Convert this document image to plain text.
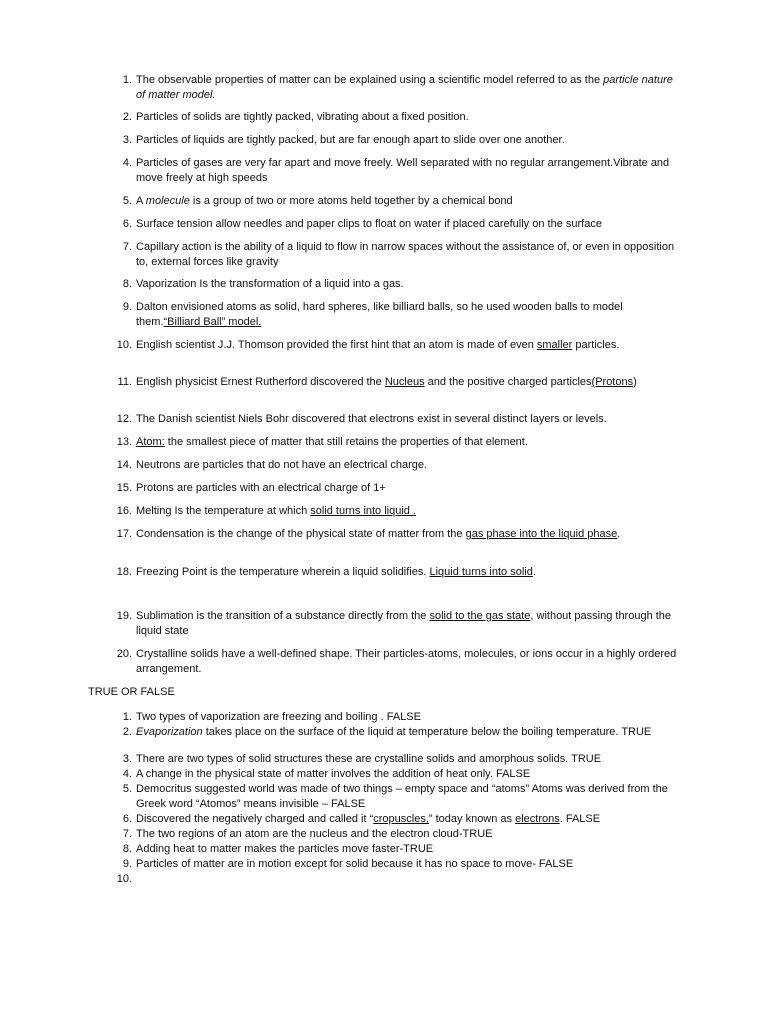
1. The observable properties of matter can be explained using a scientific model referred to as the particle nature of matter model.
2. Particles of solids are tightly packed, vibrating about a fixed position.
3. Particles of liquids are tightly packed, but are far enough apart to slide over one another.
4. Particles of gases are very far apart and move freely. Well separated with no regular arrangement.Vibrate and move freely at high speeds
5. A molecule is a group of two or more atoms held together by a chemical bond
6. Surface tension allow needles and paper clips to float on water if placed carefully on the surface
7. Capillary action is the ability of a liquid to flow in narrow spaces without the assistance of, or even in opposition to, external forces like gravity
8. Vaporization Is the transformation of a liquid into a gas.
9. Dalton envisioned atoms as solid, hard spheres, like billiard balls, so he used wooden balls to model them.“Billiard Ball” model.
10. English scientist J.J. Thomson provided the first hint that an atom is made of even smaller particles.
11. English physicist Ernest Rutherford discovered the Nucleus and the positive charged particles(Protons)
12. The Danish scientist Niels Bohr discovered that electrons exist in several distinct layers or levels.
13. Atom: the smallest piece of matter that still retains the properties of that element.
14. Neutrons are particles that do not have an electrical charge.
15. Protons are particles with an electrical charge of 1+
16. Melting Is the temperature at which solid turns into liquid .
17. Condensation is the change of the physical state of matter from the gas phase into the liquid phase.
18. Freezing Point is the temperature wherein a liquid solidifies. Liquid turns into solid.
19. Sublimation is the transition of a substance directly from the solid to the gas state, without passing through the liquid state
20. Crystalline solids have a well-defined shape. Their particles-atoms, molecules, or ions occur in a highly ordered arrangement.
TRUE OR FALSE
1. Two types of vaporization are freezing and boiling . FALSE
2. Evaporization takes place on the surface of the liquid at temperature below the boiling temperature. TRUE
3. There are two types of solid structures these are crystalline solids and amorphous solids. TRUE
4. A change in the physical state of matter involves the addition of heat only. FALSE
5. Democritus suggested world was made of two things – empty space and “atoms” Atoms was derived from the Greek word “Atomos” means invisible – FALSE
6. Discovered the negatively charged and called it “cropuscles,” today known as electrons. FALSE
7. The two regions of an atom are the nucleus and the electron cloud-TRUE
8. Adding heat to matter makes the particles move faster-TRUE
9. Particles of matter are in motion except for solid because it has no space to move- FALSE
10.
